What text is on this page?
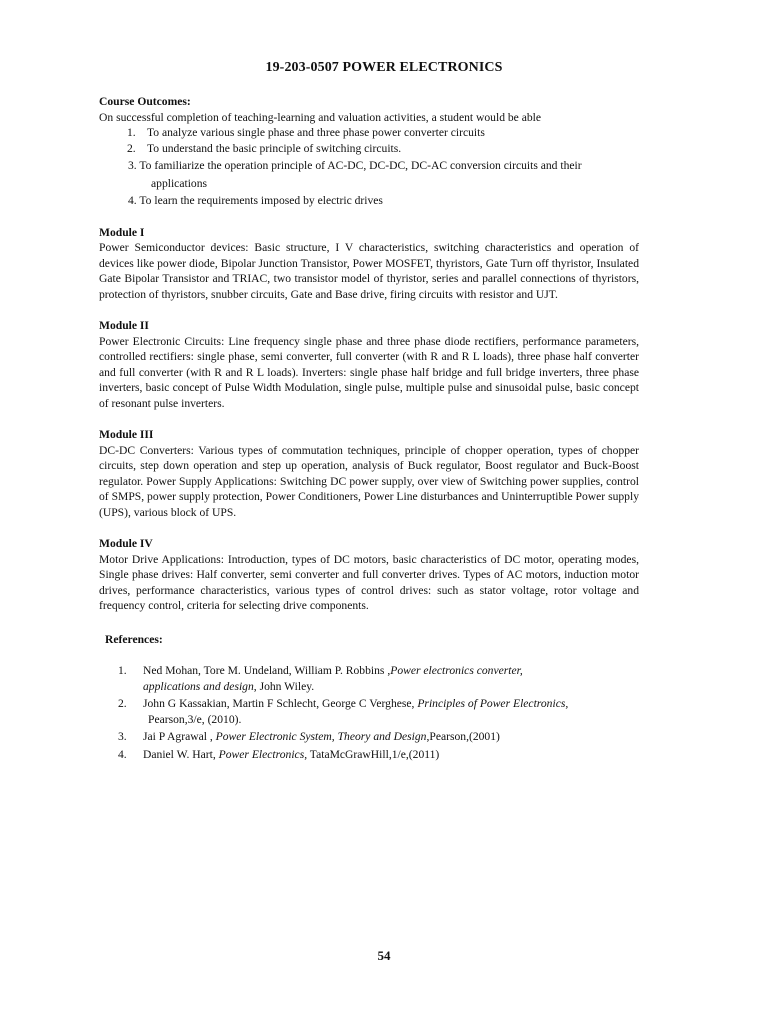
19-203-0507 POWER ELECTRONICS
Course Outcomes:
On successful completion of teaching-learning and valuation activities, a student would be able
1. To analyze various single phase and three phase power converter circuits
2. To understand the basic principle of switching circuits.
3. To familiarize the operation principle of AC-DC, DC-DC, DC-AC conversion circuits and their
applications
4. To learn the requirements imposed by electric drives
Module I

Power Semiconductor devices: Basic structure, I V characteristics, switching characteristics and operation of devices like power diode, Bipolar Junction Transistor, Power MOSFET, thyristors, Gate Turn off thyristor, Insulated Gate Bipolar Transistor and TRIAC, two transistor model of thyristor, series and parallel connections of thyristors, protection of thyristors, snubber circuits, Gate and Base drive, firing circuits with resistor and UJT.

Module II

Power Electronic Circuits: Line frequency single phase and three phase diode rectifiers, performance parameters, controlled rectifiers: single phase, semi converter, full converter (with R and R L loads), three phase half converter and full converter (with R and R L loads). Inverters: single phase half bridge and full bridge inverters, three phase inverters, basic concept of Pulse Width Modulation, single pulse, multiple pulse and sinusoidal pulse, basic concept of resonant pulse inverters.

Module III

DC-DC Converters: Various types of commutation techniques, principle of chopper operation, types of chopper circuits, step down operation and step up operation, analysis of Buck regulator, Boost regulator and Buck-Boost regulator. Power Supply Applications: Switching DC power supply, over view of Switching power supplies, control of SMPS, power supply protection, Power Conditioners, Power Line disturbances and Uninterruptible Power supply (UPS), various block of UPS.

Module IV

Motor Drive Applications: Introduction, types of DC motors, basic characteristics of DC motor, operating modes, Single phase drives: Half converter, semi converter and full converter drives. Types of AC motors, induction motor drives, performance characteristics, various types of control drives: such as stator voltage, rotor voltage and frequency control, criteria for selecting drive components.

References:
1. Ned Mohan, Tore M. Undeland, William P. Robbins ,Power electronics converter,
applications and design, John Wiley.
2. John G Kassakian, Martin F Schlecht, George C Verghese, Principles of Power Electronics,
Pearson,3/e, (2010).
3. Jai P Agrawal , Power Electronic System, Theory and Design,Pearson,(2001)
4. Daniel W. Hart, Power Electronics, TataMcGrawHill,1/e,(2011)
54
